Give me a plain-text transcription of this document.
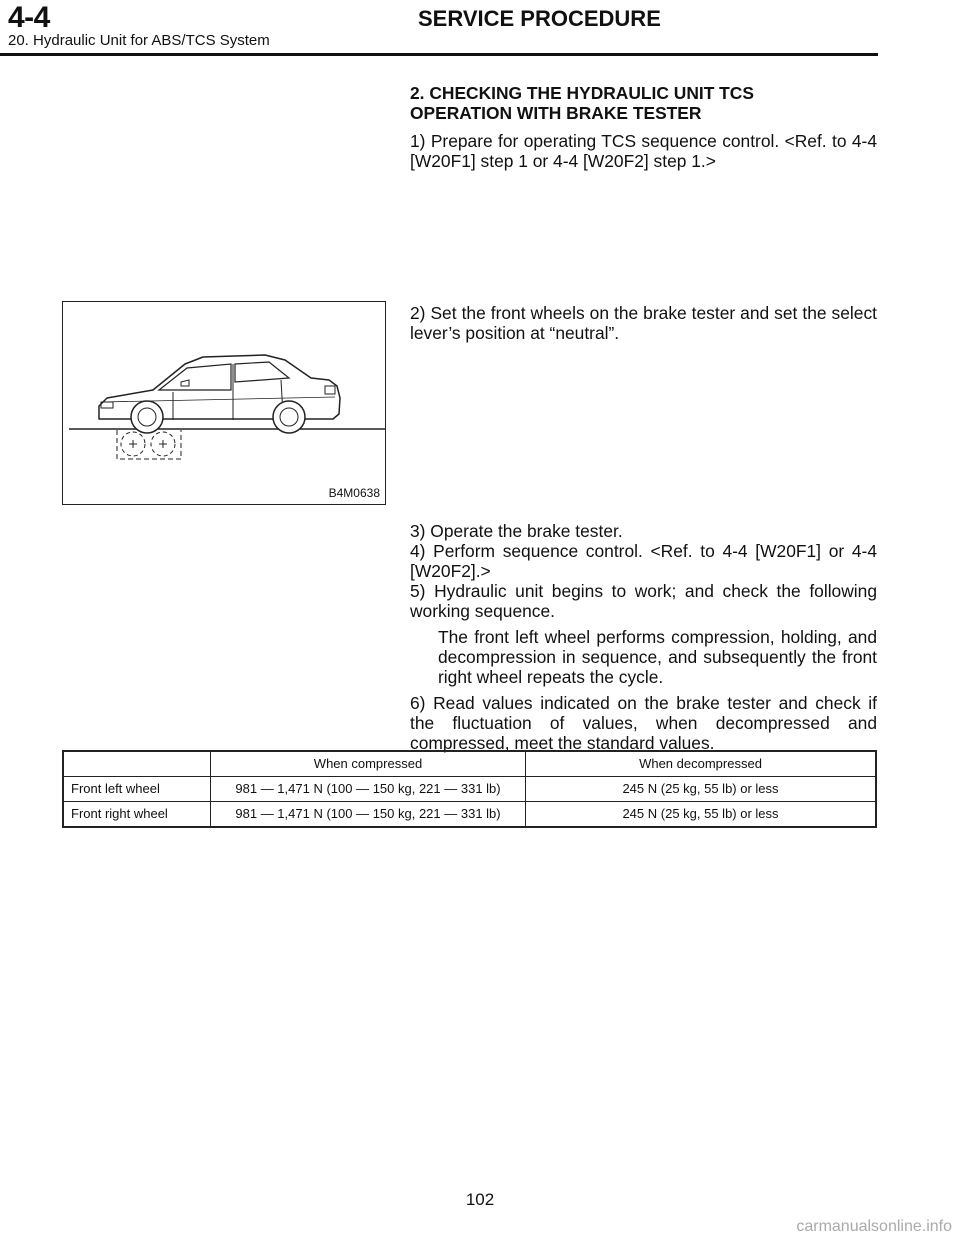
4-4	SERVICE PROCEDURE
20. Hydraulic Unit for ABS/TCS System

2. CHECKING THE HYDRAULIC UNIT TCS

OPERATION WITH BRAKE TESTER

1) Prepare for operating TCS sequence control. <Ref. to 4-4 [W20F1] step 1 or 4-4 [W20F2] step 1.>

2) Set the front wheels on the brake tester and set the select lever’s position at “neutral”.

B4M0638

3) Operate the brake tester.

4) Perform sequence control. <Ref. to 4-4 [W20F1] or 4-4 [W20F2].>

5) Hydraulic unit begins to work; and check the following working sequence.

The front left wheel performs compression, holding, and decompression in sequence, and subsequently the front right wheel repeats the cycle.

6) Read values indicated on the brake tester and check if the fluctuation of values, when decompressed and compressed, meet the standard values.

	When compressed	When decompressed
Front left wheel	981 — 1,471 N (100 — 150 kg, 221 — 331 lb)	245 N (25 kg, 55 lb) or less
Front right wheel	981 — 1,471 N (100 — 150 kg, 221 — 331 lb)	245 N (25 kg, 55 lb) or less
102
carmanualsonline.info
